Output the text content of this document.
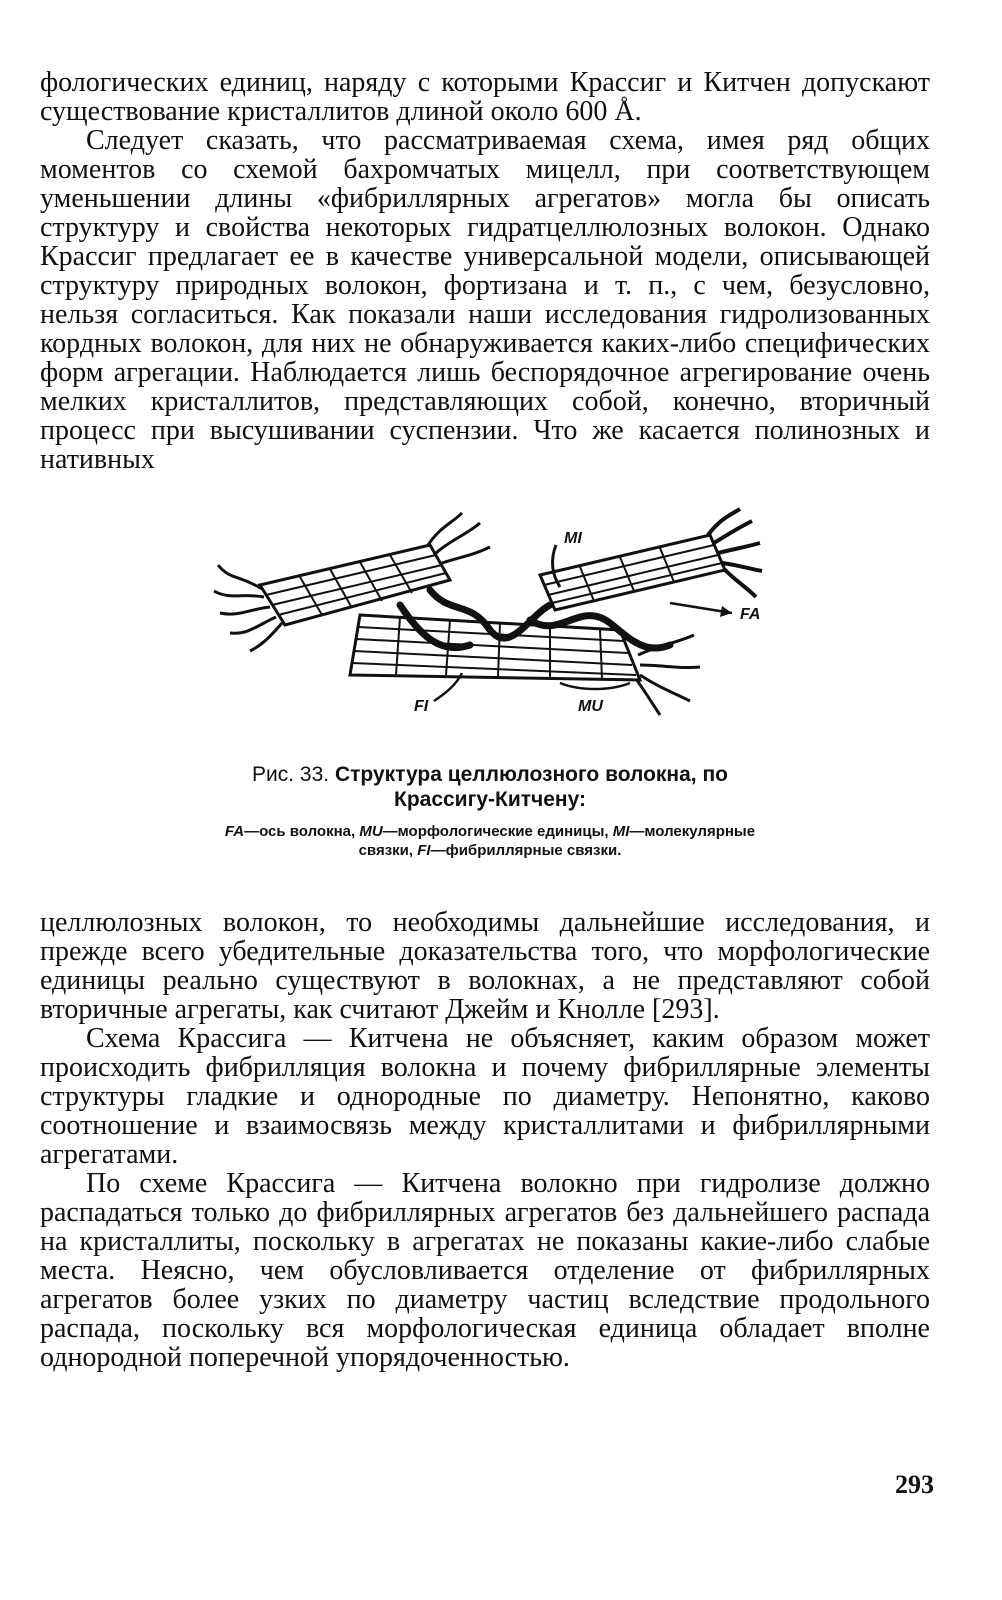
фологических единиц, наряду с которыми Крассиг и Китчен допускают существование кристаллитов длиной около 600 Å.

Следует сказать, что рассматриваемая схема, имея ряд общих моментов со схемой бахромчатых мицелл, при соответствующем уменьшении длины «фибриллярных агрегатов» могла бы описать структуру и свойства некоторых гидратцеллюлозных волокон. Однако Крассиг предлагает ее в качестве универсальной модели, описывающей структуру природных волокон, фортизана и т. п., с чем, безусловно, нельзя согласиться. Как показали наши исследования гидролизованных кордных волокон, для них не обнаруживается каких-либо специфических форм агрегации. Наблюдается лишь беспорядочное агрегирование очень мелких кристаллитов, представляющих собой, конечно, вторичный процесс при высушивании суспензии. Что же касается полинозных и нативных

MI
FA
FI	MU
Рис. 33. Структура целлюлозного волокна, по Крассигу-Китчену:
FA—ось волокна, MU—морфологические единицы, MI—молекулярные связки, FI—фибриллярные связки.

целлюлозных волокон, то необходимы дальнейшие исследования, и прежде всего убедительные доказательства того, что морфологические единицы реально существуют в волокнах, а не представляют собой вторичные агрегаты, как считают Джейм и Кнолле [293].

Схема Крассига — Китчена не объясняет, каким образом может происходить фибрилляция волокна и почему фибриллярные элементы структуры гладкие и однородные по диаметру. Непонятно, каково соотношение и взаимосвязь между кристаллитами и фибриллярными агрегатами.

По схеме Крассига — Китчена волокно при гидролизе должно распадаться только до фибриллярных агрегатов без дальнейшего распада на кристаллиты, поскольку в агрегатах не показаны какие-либо слабые места. Неясно, чем обусловливается отделение от фибриллярных агрегатов более узких по диаметру частиц вследствие продольного распада, поскольку вся морфологическая единица обладает вполне однородной поперечной упорядоченностью.

293
